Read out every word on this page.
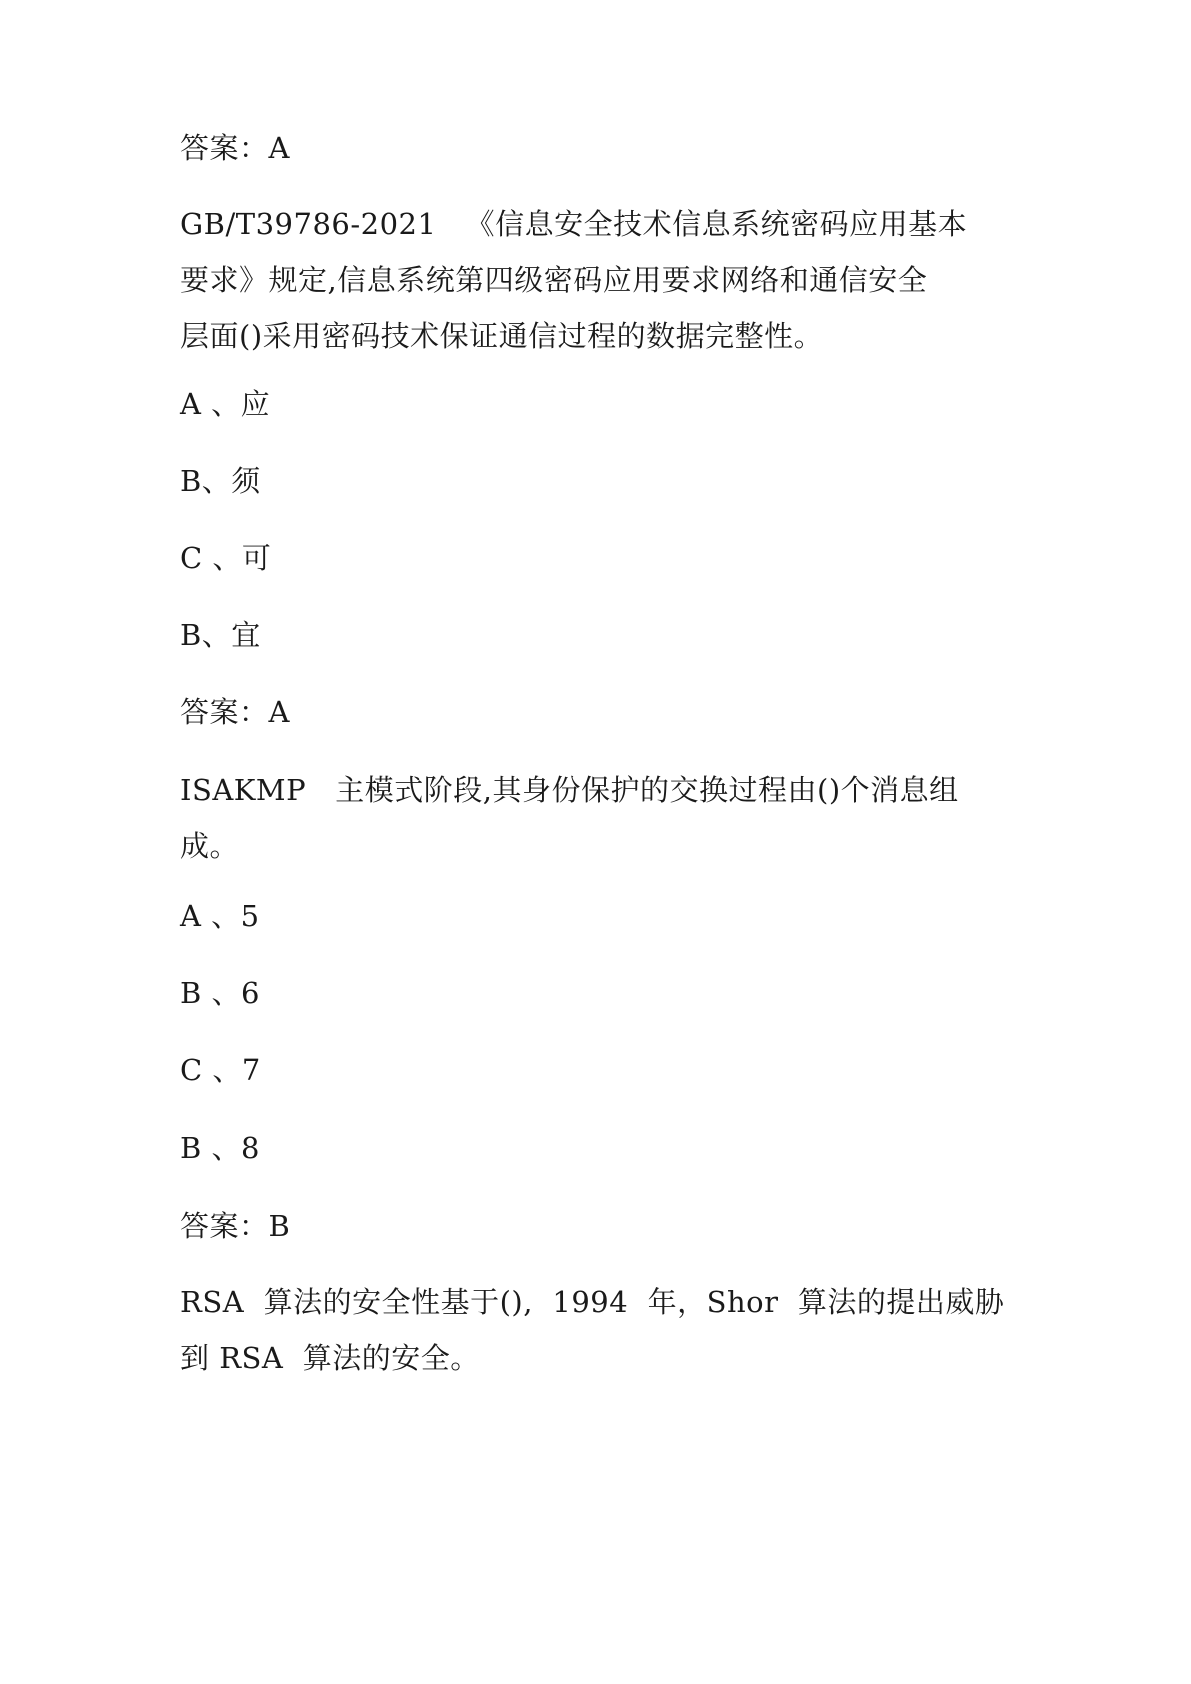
答案：A

GB/T39786-2021   《信息安全技术信息系统密码应用基本
要求》规定,信息系统第四级密码应用要求网络和通信安全
层面()采用密码技术保证通信过程的数据完整性。

A 、应

B、须

C 、可

B、宜

答案：A

ISAKMP   主模式阶段,其身份保护的交换过程由()个消息组
成。

A 、5

B 、6

C 、7

B 、8

答案：B

RSA  算法的安全性基于(),  1994  年，Shor  算法的提出威胁
到 RSA  算法的安全。
